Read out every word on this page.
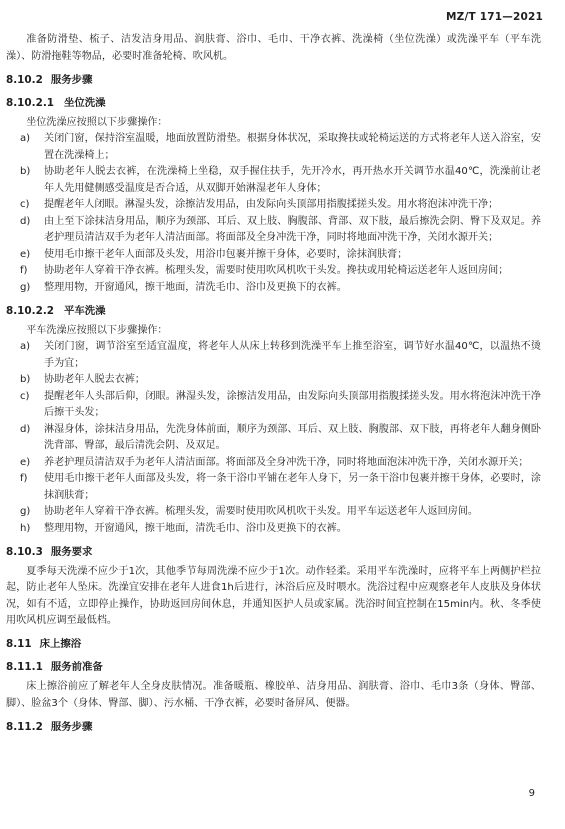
MZ/T 171—2021

准备防滑垫、梳子、洁发洁身用品、润肤膏、浴巾、毛巾、干净衣裤、洗澡椅（坐位洗澡）或洗澡平车（平车洗澡）、防滑拖鞋等物品，必要时准备轮椅、吹风机。

8.10.2 服务步骤
8.10.2.1 坐位洗澡

坐位洗澡应按照以下步骤操作：

a)	关闭门窗，保持浴室温暖，地面放置防滑垫。根据身体状况，采取搀扶或轮椅运送的方式将老年人送入浴室，安置在洗澡椅上；
b)	协助老年人脱去衣裤，在洗澡椅上坐稳，双手握住扶手，先开冷水，再开热水开关调节水温40℃，洗澡前让老年人先用健侧感受温度是否合适，从双脚开始淋湿老年人身体；
c)	提醒老年人闭眼。淋湿头发，涂擦洁发用品，由发际向头顶部用指腹揉搓头发。用水将泡沫冲洗干净；
d)	由上至下涂抹洁身用品，顺序为颈部、耳后、双上肢、胸腹部、背部、双下肢，最后擦洗会阴、臀下及双足。养老护理员清洁双手为老年人清洁面部。将面部及全身冲洗干净，同时将地面冲洗干净，关闭水源开关；
e)	使用毛巾擦干老年人面部及头发，用浴巾包裹并擦干身体，必要时，涂抹润肤膏；
f)	协助老年人穿着干净衣裤。梳理头发，需要时使用吹风机吹干头发。搀扶或用轮椅运送老年人返回房间；
g)	整理用物，开窗通风，擦干地面，清洗毛巾、浴巾及更换下的衣裤。
8.10.2.2 平车洗澡

平车洗澡应按照以下步骤操作：

a)	关闭门窗，调节浴室至适宜温度，将老年人从床上转移到洗澡平车上推至浴室，调节好水温40℃，以温热不烫手为宜；
b)	协助老年人脱去衣裤；
c)	提醒老年人头部后仰，闭眼。淋湿头发，涂擦洁发用品，由发际向头顶部用指腹揉搓头发。用水将泡沫冲洗干净后擦干头发；
d)	淋湿身体，涂抹洁身用品，先洗身体前面，顺序为颈部、耳后、双上肢、胸腹部、双下肢，再将老年人翻身侧卧洗背部、臀部，最后清洗会阴、及双足。
e)	养老护理员清洁双手为老年人清洁面部。将面部及全身冲洗干净，同时将地面泡沫冲洗干净，关闭水源开关；
f)	使用毛巾擦干老年人面部及头发，将一条干浴巾平铺在老年人身下，另一条干浴巾包裹并擦干身体，必要时，涂抹润肤膏；
g)	协助老年人穿着干净衣裤。梳理头发，需要时使用吹风机吹干头发。用平车运送老年人返回房间。
h)	整理用物，开窗通风，擦干地面，清洗毛巾、浴巾及更换下的衣裤。
8.10.3 服务要求

夏季每天洗澡不应少于1次，其他季节每周洗澡不应少于1次。动作轻柔。采用平车洗澡时，应将平车上两侧护栏拉起，防止老年人坠床。洗澡宜安排在老年人进食1h后进行，沐浴后应及时喂水。洗浴过程中应观察老年人皮肤及身体状况，如有不适，立即停止操作，协助返回房间休息，并通知医护人员或家属。洗浴时间宜控制在15min内。秋、冬季使用吹风机应调至最低档。

8.11 床上擦浴
8.11.1 服务前准备

床上擦浴前应了解老年人全身皮肤情况。准备暖瓶、橡胶单、洁身用品、润肤膏、浴巾、毛巾3条（身体、臀部、脚）、脸盆3个（身体、臀部、脚）、污水桶、干净衣裤，必要时备屏风、便器。

8.11.2 服务步骤
9
